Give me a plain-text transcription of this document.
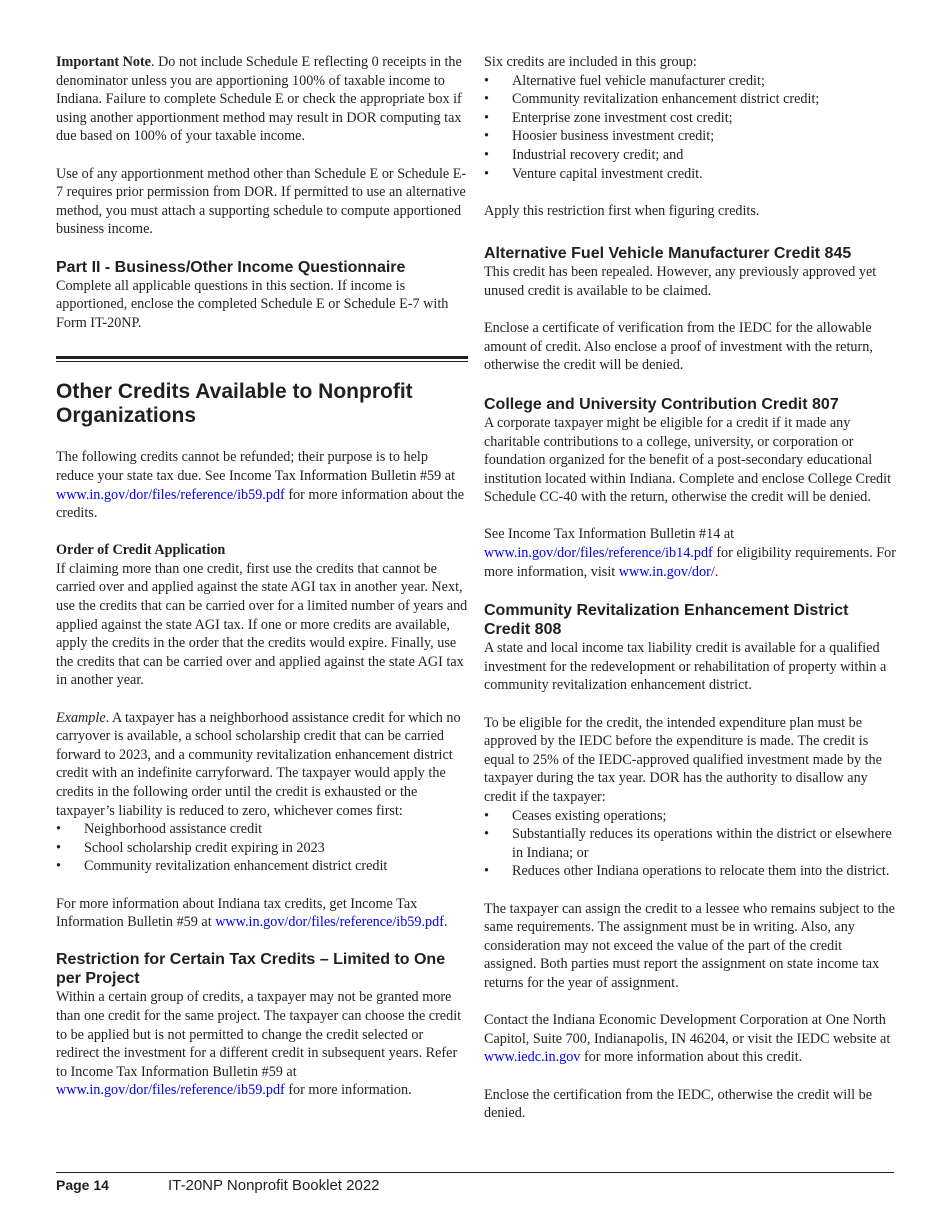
Important Note. Do not include Schedule E reflecting 0 receipts in the denominator unless you are apportioning 100% of taxable income to Indiana. Failure to complete Schedule E or check the appropriate box if using another apportionment method may result in DOR computing tax due based on 100% of your taxable income.

Use of any apportionment method other than Schedule E or Schedule E-7 requires prior permission from DOR. If permitted to use an alternative method, you must attach a supporting schedule to compute apportioned business income.

Part II - Business/Other Income Questionnaire

Complete all applicable questions in this section. If income is apportioned, enclose the completed Schedule E or Schedule E-7 with Form IT-20NP.

Other Credits Available to Nonprofit Organizations

The following credits cannot be refunded; their purpose is to help reduce your state tax due. See Income Tax Information Bulletin #59 at www.in.gov/dor/files/reference/ib59.pdf for more information about the credits.

Order of Credit Application

If claiming more than one credit, first use the credits that cannot be carried over and applied against the state AGI tax in another year. Next, use the credits that can be carried over for a limited number of years and applied against the state AGI tax. If one or more credits are available, apply the credits in the order that the credits would expire. Finally, use the credits that can be carried over and applied against the state AGI tax in another year.

Example. A taxpayer has a neighborhood assistance credit for which no carryover is available, a school scholarship credit that can be carried forward to 2023, and a community revitalization enhancement district credit with an indefinite carryforward. The taxpayer would apply the credits in the following order until the credit is exhausted or the taxpayer’s liability is reduced to zero, whichever comes first:
• Neighborhood assistance credit
• School scholarship credit expiring in 2023
• Community revitalization enhancement district credit

For more information about Indiana tax credits, get Income Tax Information Bulletin #59 at www.in.gov/dor/files/reference/ib59.pdf.

Restriction for Certain Tax Credits – Limited to One per Project

Within a certain group of credits, a taxpayer may not be granted more than one credit for the same project. The taxpayer can choose the credit to be applied but is not permitted to change the credit selected or redirect the investment for a different credit in subsequent years. Refer to Income Tax Information Bulletin #59 at www.in.gov/dor/files/reference/ib59.pdf for more information.

Six credits are included in this group:
• Alternative fuel vehicle manufacturer credit;
• Community revitalization enhancement district credit;
• Enterprise zone investment cost credit;
• Hoosier business investment credit;
• Industrial recovery credit; and
• Venture capital investment credit.

Apply this restriction first when figuring credits.

Alternative Fuel Vehicle Manufacturer Credit 845

This credit has been repealed. However, any previously approved yet unused credit is available to be claimed.

Enclose a certificate of verification from the IEDC for the allowable amount of credit. Also enclose a proof of investment with the return, otherwise the credit will be denied.

College and University Contribution Credit 807

A corporate taxpayer might be eligible for a credit if it made any charitable contributions to a college, university, or corporation or foundation organized for the benefit of a post-secondary educational institution located within Indiana. Complete and enclose College Credit Schedule CC-40 with the return, otherwise the credit will be denied.

See Income Tax Information Bulletin #14 at www.in.gov/dor/files/reference/ib14.pdf for eligibility requirements. For more information, visit www.in.gov/dor/.

Community Revitalization Enhancement District Credit 808

A state and local income tax liability credit is available for a qualified investment for the redevelopment or rehabilitation of property within a community revitalization enhancement district.

To be eligible for the credit, the intended expenditure plan must be approved by the IEDC before the expenditure is made. The credit is equal to 25% of the IEDC-approved qualified investment made by the taxpayer during the tax year. DOR has the authority to disallow any credit if the taxpayer:
• Ceases existing operations;
• Substantially reduces its operations within the district or elsewhere in Indiana; or
• Reduces other Indiana operations to relocate them into the district.

The taxpayer can assign the credit to a lessee who remains subject to the same requirements. The assignment must be in writing. Also, any consideration may not exceed the value of the part of the credit assigned. Both parties must report the assignment on state income tax returns for the year of assignment.

Contact the Indiana Economic Development Corporation at One North Capitol, Suite 700, Indianapolis, IN 46204, or visit the IEDC website at www.iedc.in.gov for more information about this credit.

Enclose the certification from the IEDC, otherwise the credit will be denied.

Page 14	IT-20NP Nonprofit Booklet 2022
